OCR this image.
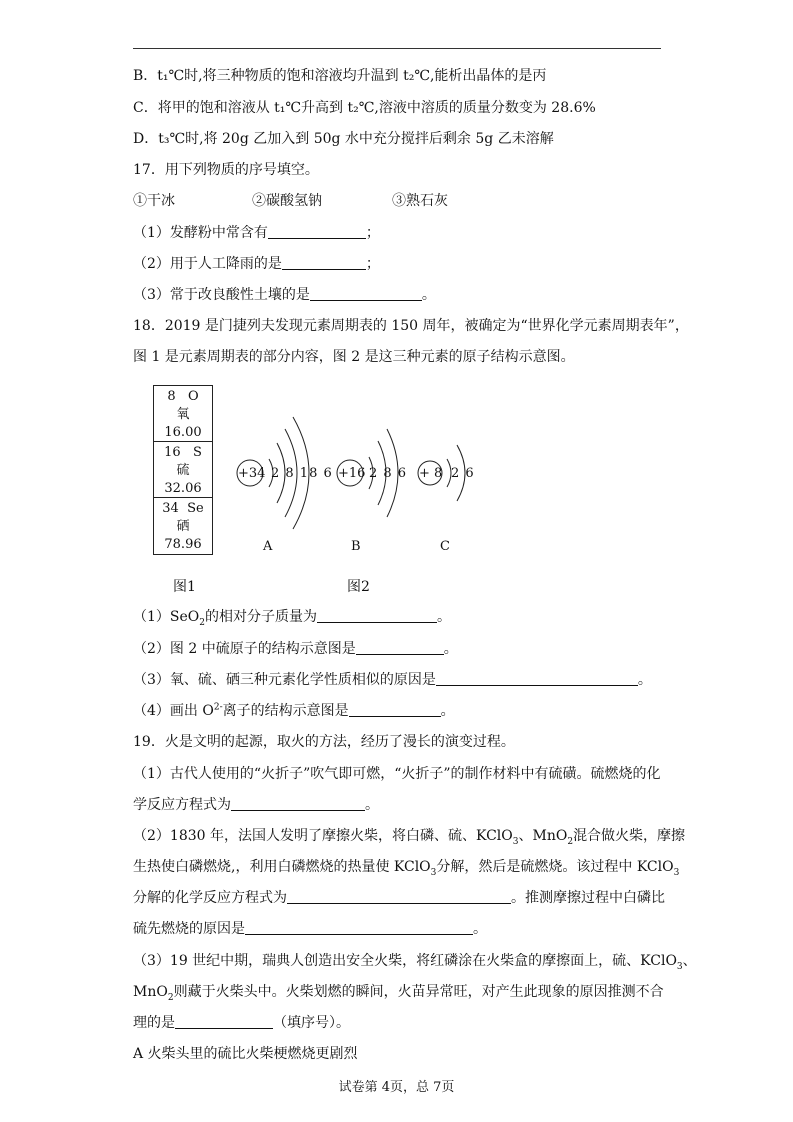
B．t₁℃时,将三种物质的饱和溶液均升温到 t₂℃,能析出晶体的是丙
C．将甲的饱和溶液从 t₁℃升高到 t₂℃,溶液中溶质的质量分数变为 28.6%
D．t₃℃时,将 20g 乙加入到 50g 水中充分搅拌后剩余 5g 乙未溶解
17．用下列物质的序号填空。
①干冰	②碳酸氢钠	③熟石灰
（1）发酵粉中常含有	；
（2）用于人工降雨的是	；
（3）常于改良酸性土壤的是	。
18．2019 是门捷列夫发现元素周期表的 150 周年，被确定为“世界化学元素周期表年”，
图 1 是元素周期表的部分内容，图 2 是这三种元素的原子结构示意图。
8 O
氧
16.00
16 S
硫
32.06
34 Se
硒
78.96
+34 2 8 18 6 +16 2 8 6 + 8 2 6
A	B	C
图1	图2
（1）SeO$_2$的相对分子质量为	。
（2）图 2 中硫原子的结构示意图是	。
（3）氧、硫、硒三种元素化学性质相似的原因是	。
（4）画出 $O^{2-}$离子的结构示意图是	。
19．火是文明的起源，取火的方法，经历了漫长的演变过程。
（1）古代人使用的“火折子”吹气即可燃，“火折子”的制作材料中有硫磺。硫燃烧的化
学反应方程式为	。
（2）1830 年，法国人发明了摩擦火柴，将白磷、硫、KClO$_3$、MnO$_2$混合做火柴，摩擦
生热使白磷燃烧,，利用白磷燃烧的热量使 KClO$_3$分解，然后是硫燃烧。该过程中 KClO$_3$
分解的化学反应方程式为	。推测摩擦过程中白磷比
硫先燃烧的原因是	。
（3）19 世纪中期，瑞典人创造出安全火柴，将红磷涂在火柴盒的摩擦面上，硫、KClO$_3$、
MnO$_2$则藏于火柴头中。火柴划燃的瞬间，火苗异常旺，对产生此现象的原因推测不合
理的是	（填序号）。
A 火柴头里的硫比火柴梗燃烧更剧烈
试卷第 4页，总 7页
